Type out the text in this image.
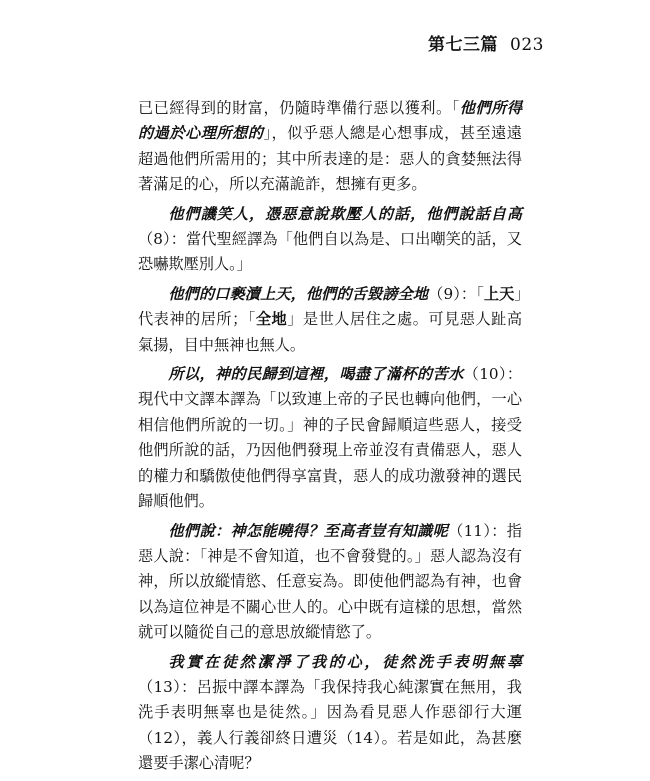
第七三篇 023

已已經得到的財富，仍隨時準備行惡以獲利。「他們所得的過於心理所想的」，似乎惡人總是心想事成，甚至遠遠超過他們所需用的；其中所表達的是：惡人的貪婪無法得著滿足的心，所以充滿詭詐，想擁有更多。

他們譏笑人，憑惡意說欺壓人的話，他們說話自高（8）：當代聖經譯為「他們自以為是、口出嘲笑的話，又恐嚇欺壓別人。」

他們的口褻瀆上天，他們的舌毀謗全地（9）：「上天」代表神的居所；「全地」是世人居住之處。可見惡人趾高氣揚，目中無神也無人。

所以，神的民歸到這裡，喝盡了滿杯的苦水（10）：現代中文譯本譯為「以致連上帝的子民也轉向他們，一心相信他們所說的一切。」神的子民會歸順這些惡人，接受他們所說的話，乃因他們發現上帝並沒有責備惡人，惡人的權力和驕傲使他們得享富貴，惡人的成功激發神的選民歸順他們。

他們說：神怎能曉得？至高者豈有知識呢（11）：指惡人說：「神是不會知道，也不會發覺的。」惡人認為沒有神，所以放縱情慾、任意妄為。即使他們認為有神，也會以為這位神是不關心世人的。心中既有這樣的思想，當然就可以隨從自己的意思放縱情慾了。

我實在徒然潔淨了我的心，徒然洗手表明無辜（13）：呂振中譯本譯為「我保持我心純潔實在無用，我洗手表明無辜也是徒然。」因為看見惡人作惡卻行大運（12），義人行義卻終日遭災（14）。若是如此，為甚麼還要手潔心清呢？
